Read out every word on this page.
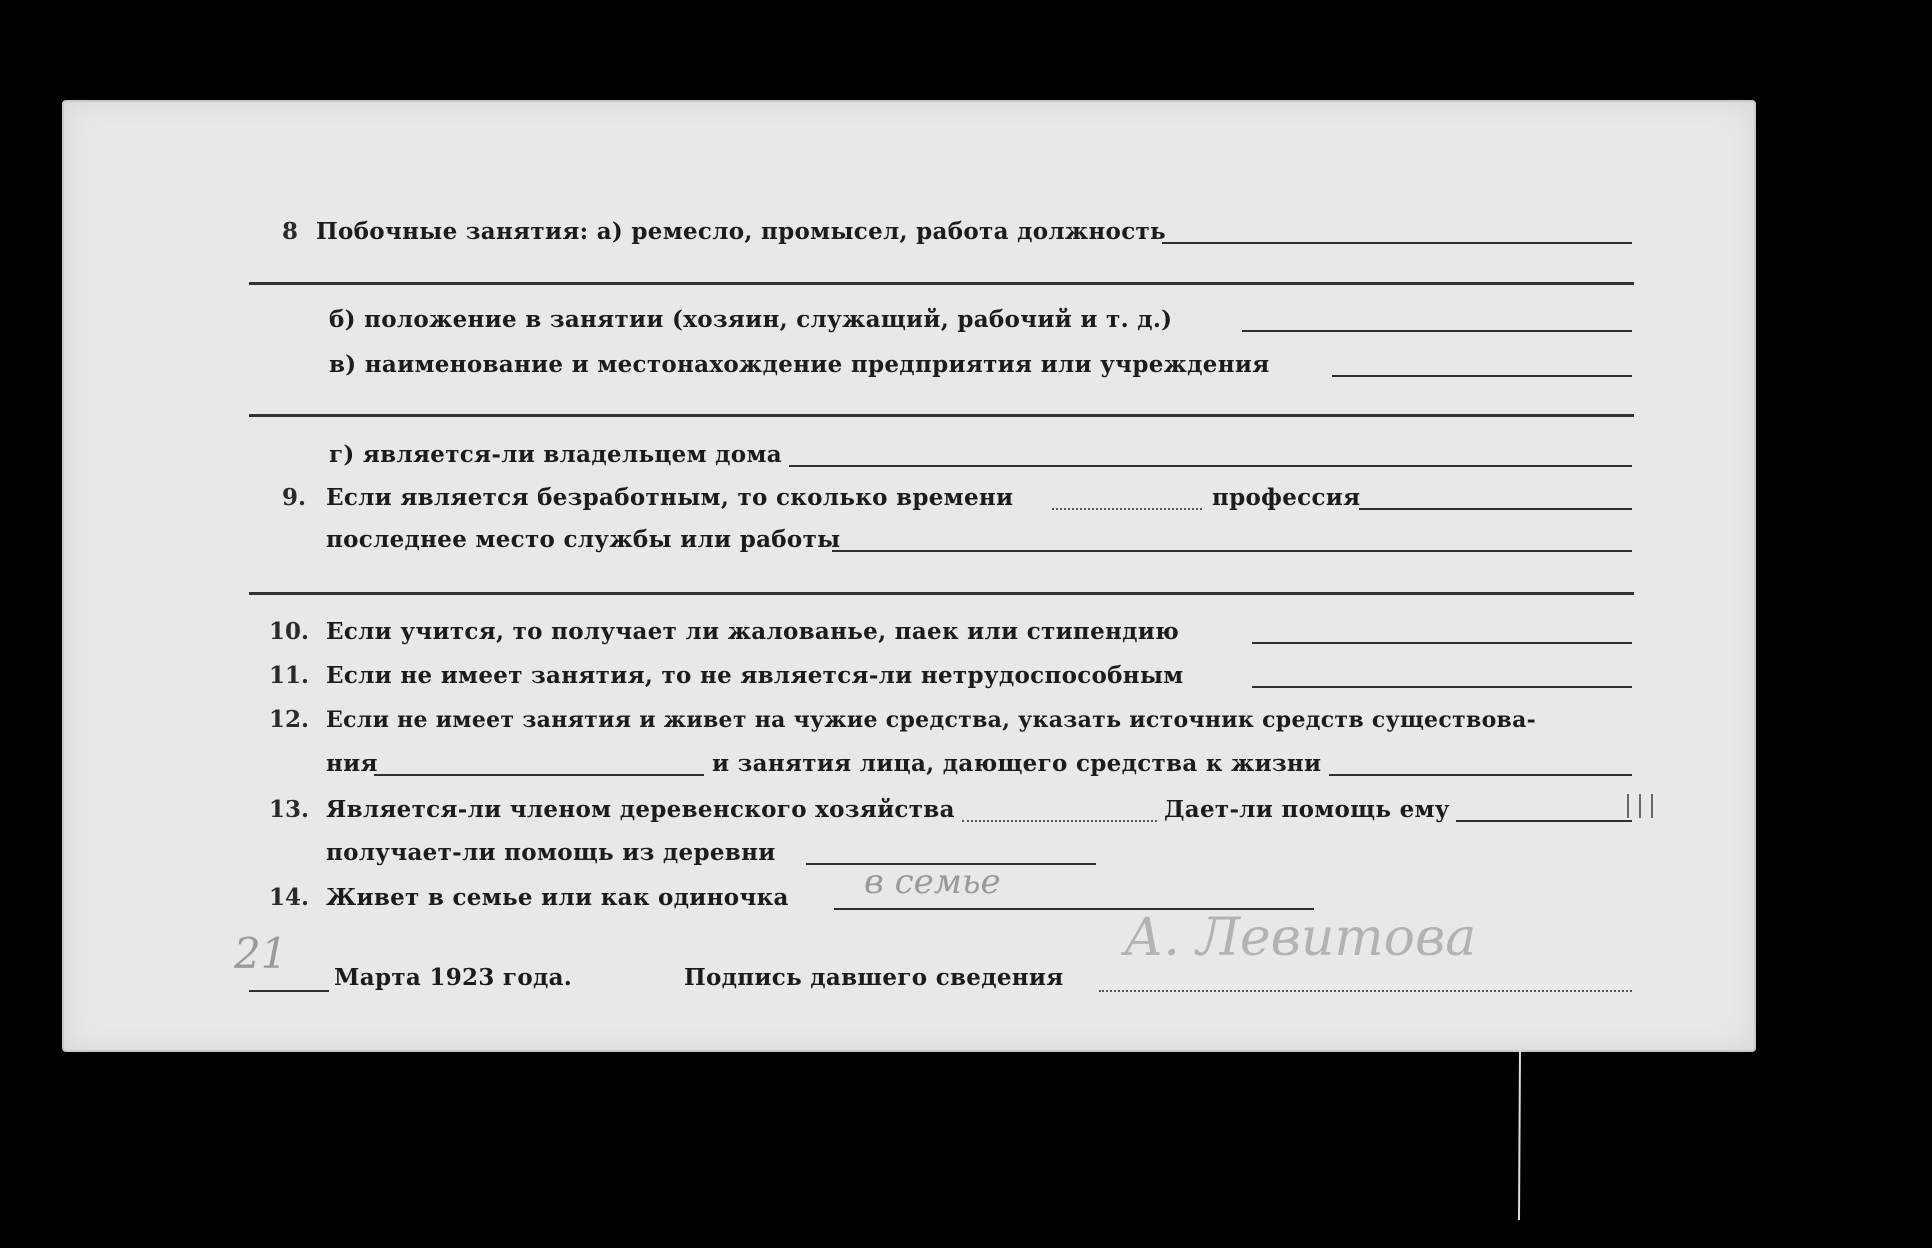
8 Побочные занятия: а) ремесло, промысел, работа должность
б) положение в занятии (хозяин, служащий, рабочий и т. д.)
в) наименование и местонахождение предприятия или учреждения
г) является-ли владельцем дома
9. Если является безработным, то сколько времени	профессия
последнее место службы или работы
10. Если учится, то получает ли жалованье, паек или стипендию
11. Если не имеет занятия, то не является-ли нетрудоспособным
12. Если не имеет занятия и живет на чужие средства, указать источник средств существова-
ния	и занятия лица, дающего средства к жизни
13. Является-ли членом деревенского хозяйства	Дает-ли помощь ему
получает-ли помощь из деревни
14. Живет в семье или как одиночка в семье
21 Марта 1923 года.	Подпись давшего сведения
А. Левитова
